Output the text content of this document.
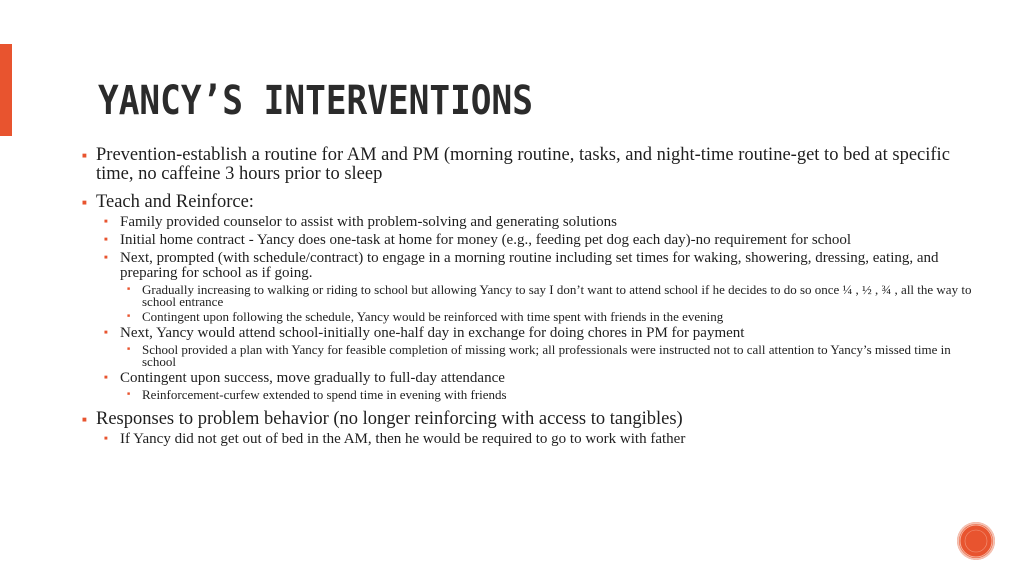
YANCY’S INTERVENTIONS
■ Prevention-establish a routine for AM and PM (morning routine, tasks, and night-time routine-get to bed at specific time, no caffeine 3 hours prior to sleep
■ Teach and Reinforce:
■ Family provided counselor to assist with problem-solving and generating solutions
■ Initial home contract - Yancy does one-task at home for money (e.g., feeding pet dog each day)-no requirement for school
■ Next, prompted (with schedule/contract) to engage in a morning routine including set times for waking, showering, dressing, eating, and preparing for school as if going.
■ Gradually increasing to walking or riding to school but allowing Yancy to say I don’t want to attend school if he decides to do so once ¼ , ½ , ¾ , all the way to school entrance
■ Contingent upon following the schedule, Yancy would be reinforced with time spent with friends in the evening
■ Next, Yancy would attend school-initially one-half day in exchange for doing chores in PM for payment
■ School provided a plan with Yancy for feasible completion of missing work; all professionals were instructed not to call attention to Yancy’s missed time in school
■ Contingent upon success, move gradually to full-day attendance
■ Reinforcement-curfew extended to spend time in evening with friends
■ Responses to problem behavior (no longer reinforcing with access to tangibles)
■ If Yancy did not get out of bed in the AM, then he would be required to go to work with father
